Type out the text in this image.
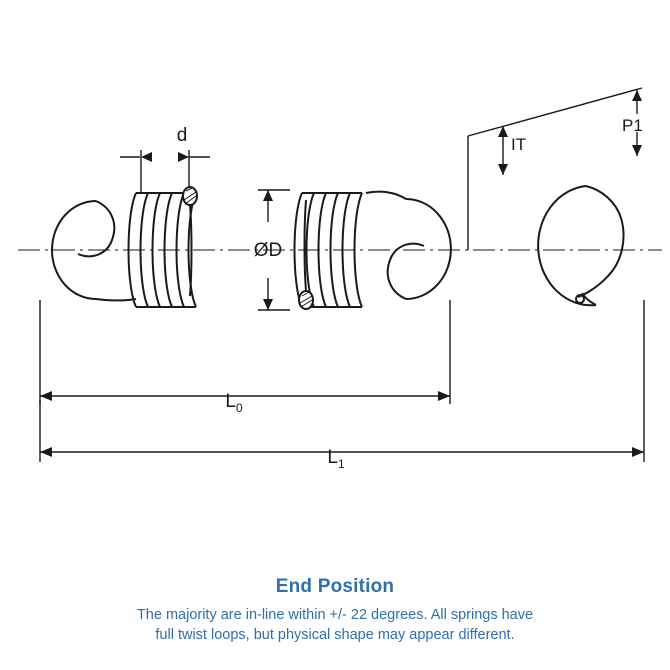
d
ØD
IT
P1
$L_0$
$L_1$

End Position

The majority are in-line within +/- 22 degrees. All springs have

full twist loops, but physical shape may appear different.
